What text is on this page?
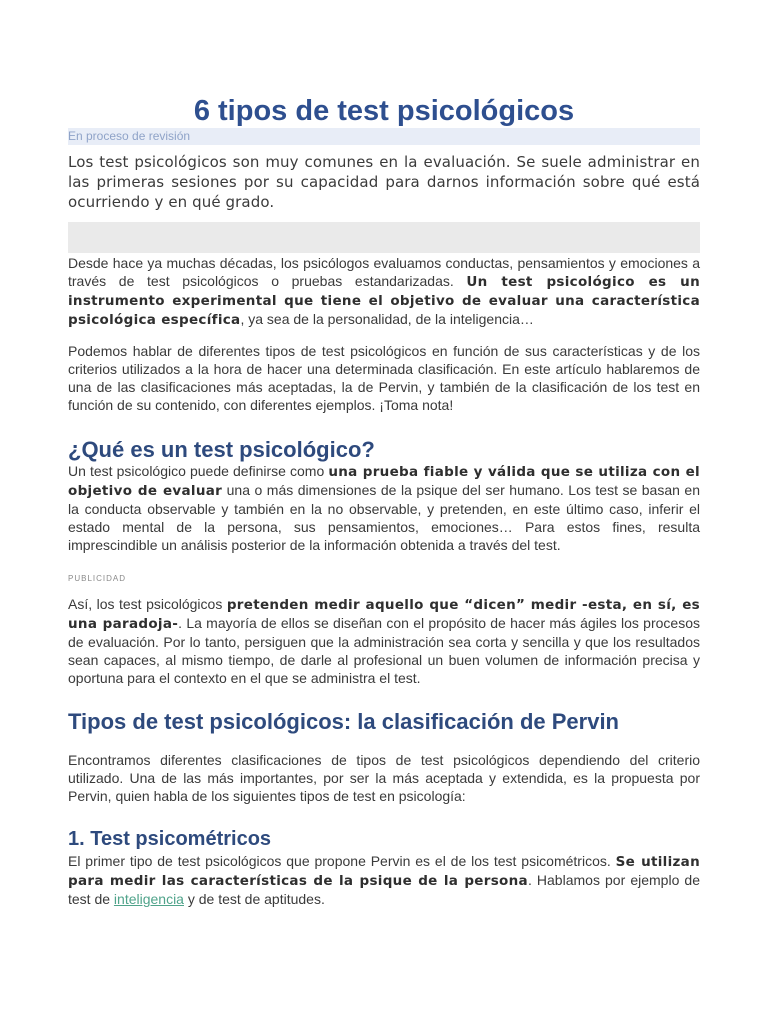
6 tipos de test psicológicos
En proceso de revisión

Los test psicológicos son muy comunes en la evaluación. Se suele administrar en las primeras sesiones por su capacidad para darnos información sobre qué está ocurriendo y en qué grado.

Desde hace ya muchas décadas, los psicólogos evaluamos conductas, pensamientos y emociones a través de test psicológicos o pruebas estandarizadas. Un test psicológico es un instrumento experimental que tiene el objetivo de evaluar una característica psicológica específica, ya sea de la personalidad, de la inteligencia…

Podemos hablar de diferentes tipos de test psicológicos en función de sus características y de los criterios utilizados a la hora de hacer una determinada clasificación. En este artículo hablaremos de una de las clasificaciones más aceptadas, la de Pervin, y también de la clasificación de los test en función de su contenido, con diferentes ejemplos. ¡Toma nota!

¿Qué es un test psicológico?

Un test psicológico puede definirse como una prueba fiable y válida que se utiliza con el objetivo de evaluar una o más dimensiones de la psique del ser humano. Los test se basan en la conducta observable y también en la no observable, y pretenden, en este último caso, inferir el estado mental de la persona, sus pensamientos, emociones… Para estos fines, resulta imprescindible un análisis posterior de la información obtenida a través del test.

PUBLICIDAD

Así, los test psicológicos pretenden medir aquello que “dicen” medir -esta, en sí, es una paradoja-. La mayoría de ellos se diseñan con el propósito de hacer más ágiles los procesos de evaluación. Por lo tanto, persiguen que la administración sea corta y sencilla y que los resultados sean capaces, al mismo tiempo, de darle al profesional un buen volumen de información precisa y oportuna para el contexto en el que se administra el test.

Tipos de test psicológicos: la clasificación de Pervin

Encontramos diferentes clasificaciones de tipos de test psicológicos dependiendo del criterio utilizado. Una de las más importantes, por ser la más aceptada y extendida, es la propuesta por Pervin, quien habla de los siguientes tipos de test en psicología:

1. Test psicométricos

El primer tipo de test psicológicos que propone Pervin es el de los test psicométricos. Se utilizan para medir las características de la psique de la persona. Hablamos por ejemplo de test de inteligencia y de test de aptitudes.
